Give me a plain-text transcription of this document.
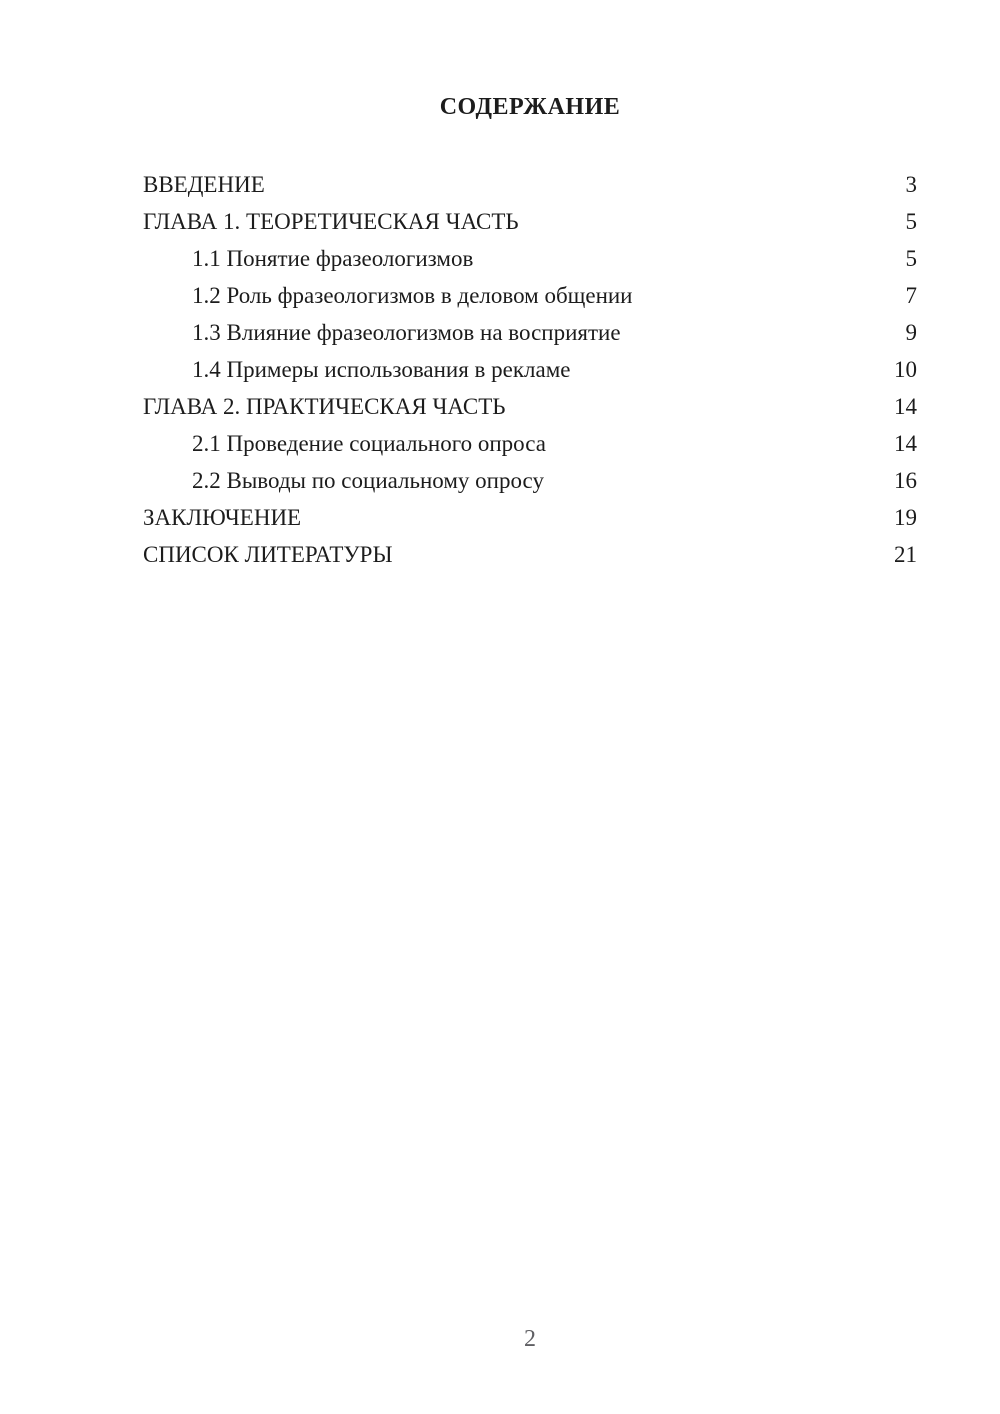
СОДЕРЖАНИЕ
ВВЕДЕНИЕ	3
ГЛАВА 1. ТЕОРЕТИЧЕСКАЯ ЧАСТЬ	5
1.1 Понятие фразеологизмов	5
1.2 Роль фразеологизмов в деловом общении	7
1.3 Влияние фразеологизмов на восприятие	9
1.4 Примеры использования в рекламе	10
ГЛАВА 2. ПРАКТИЧЕСКАЯ ЧАСТЬ	14
2.1 Проведение социального опроса	14
2.2 Выводы по социальному опросу	16
ЗАКЛЮЧЕНИЕ	19
СПИСОК ЛИТЕРАТУРЫ	21
2
